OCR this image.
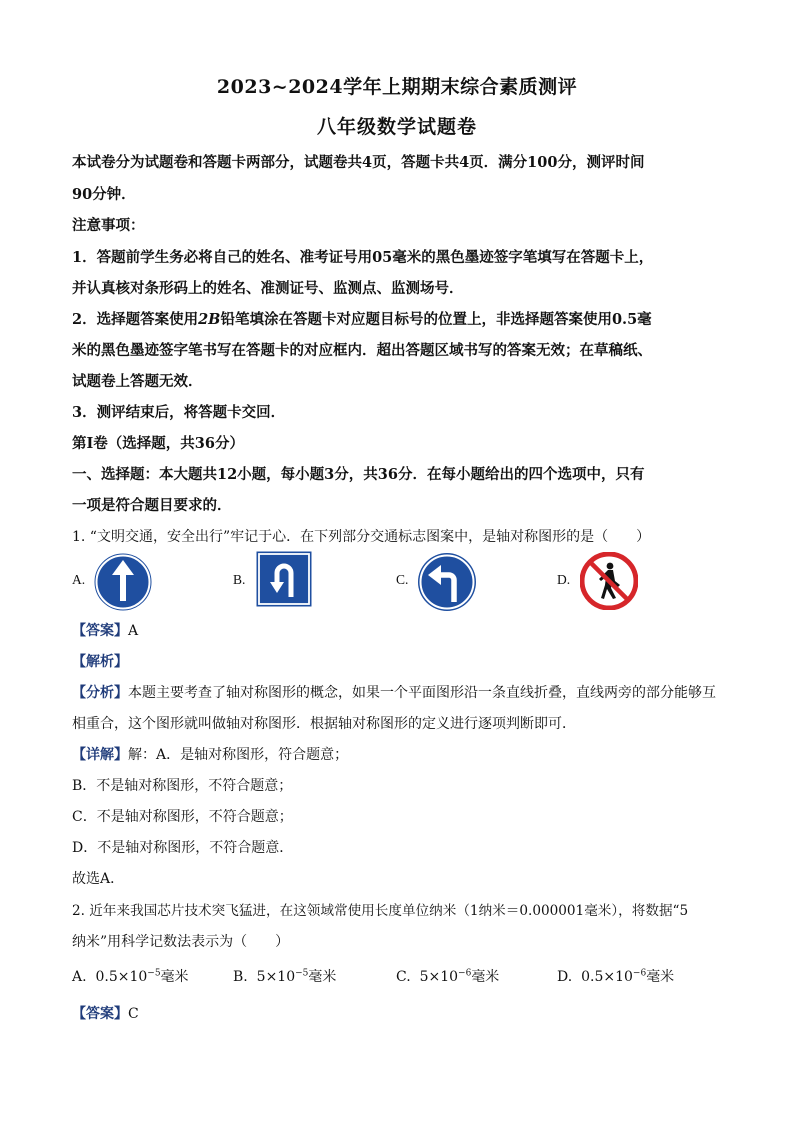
2023~2024学年上期期末综合素质测评
八年级数学试题卷
本试卷分为试题卷和答题卡两部分，试题卷共4页，答题卡共4页．满分100分，测评时间
90分钟．
注意事项：
1．答题前学生务必将自己的姓名、准考证号用05毫米的黑色墨迹签字笔填写在答题卡上，
并认真核对条形码上的姓名、准测证号、监测点、监测场号．
2．选择题答案使用2B铅笔填涂在答题卡对应题目标号的位置上，非选择题答案使用0.5毫
米的黑色墨迹签字笔书写在答题卡的对应框内．超出答题区域书写的答案无效；在草稿纸、
试题卷上答题无效．
3．测评结束后，将答题卡交回．
第Ⅰ卷（选择题，共36分）
一、选择题：本大题共12小题，每小题3分，共36分．在每小题给出的四个选项中，只有
一项是符合题目要求的．
1. “文明交通，安全出行”牢记于心．在下列部分交通标志图案中，是轴对称图形的是（　　）
A.	B.	C.	D.
【答案】A
【解析】
【分析】本题主要考查了轴对称图形的概念，如果一个平面图形沿一条直线折叠，直线两旁的部分能够互
相重合，这个图形就叫做轴对称图形．根据轴对称图形的定义进行逐项判断即可．
【详解】解：A．是轴对称图形，符合题意；
B．不是轴对称图形，不符合题意；
C．不是轴对称图形，不符合题意；
D．不是轴对称图形，不符合题意．
故选A．
2. 近年来我国芯片技术突飞猛进，在这领域常使用长度单位纳米（1纳米＝0.000001毫米），将数据“5
纳米”用科学记数法表示为（　　）
A. $0.5\times 10^{-5}$毫米	B. $5\times 10^{-5}$毫米	C. $5\times 10^{-6}$毫米	D. $0.5\times 10^{-6}$毫米
【答案】C
